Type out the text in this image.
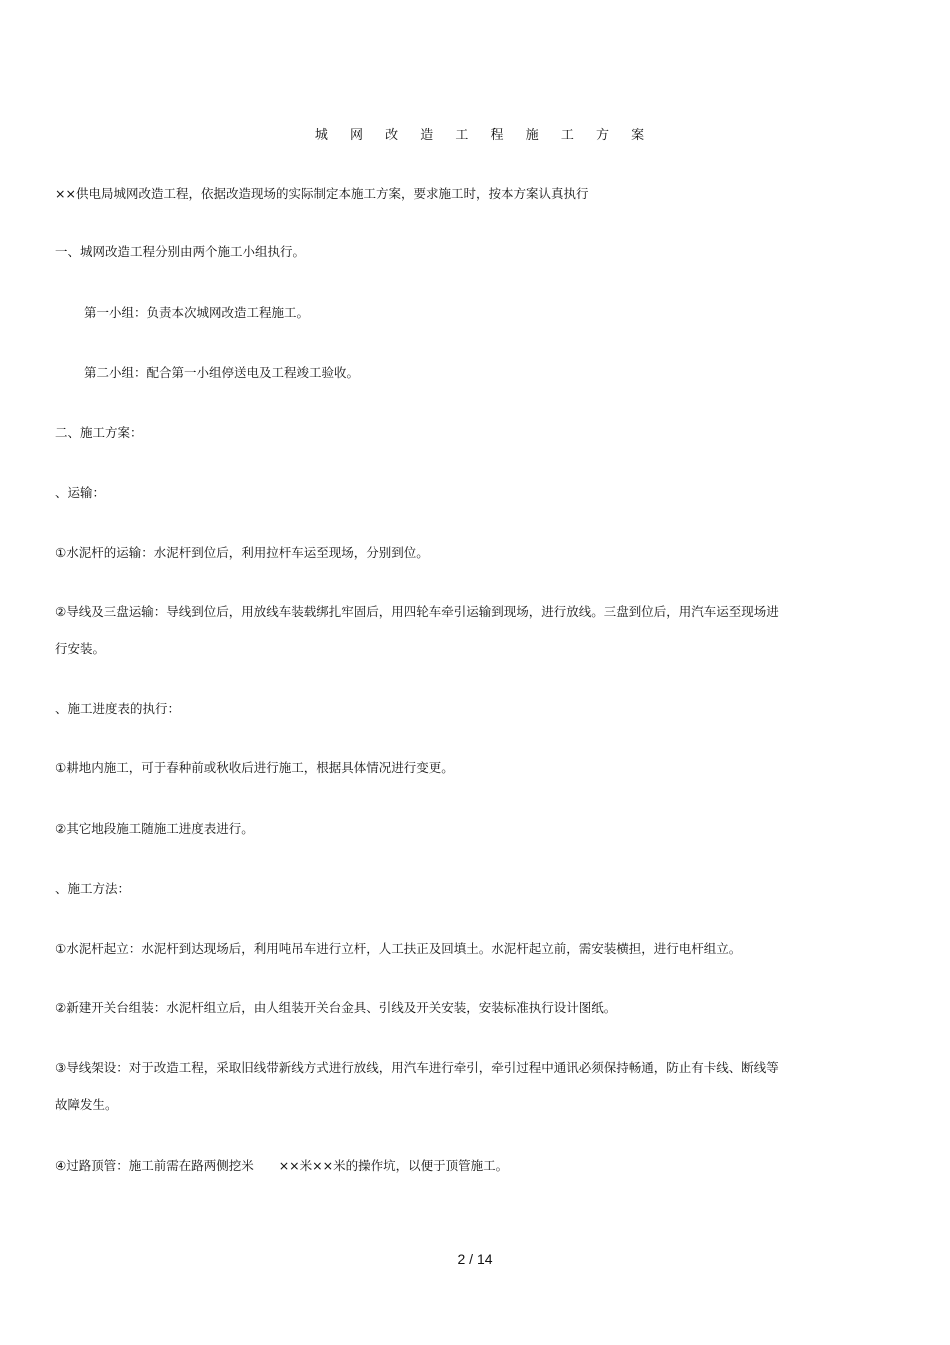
城 网 改 造 工 程 施 工 方 案
××供电局城网改造工程，依据改造现场的实际制定本施工方案，要求施工时，按本方案认真执行
一、城网改造工程分别由两个施工小组执行。
第一小组：负责本次城网改造工程施工。
第二小组：配合第一小组停送电及工程竣工验收。
二、施工方案：
、运输：
①水泥杆的运输：水泥杆到位后，利用拉杆车运至现场，分别到位。
②导线及三盘运输：导线到位后，用放线车装载绑扎牢固后，用四轮车牵引运输到现场，进行放线。三盘到位后，用汽车运至现场进
行安装。
、施工进度表的执行：
①耕地内施工，可于春种前或秋收后进行施工，根据具体情况进行变更。
②其它地段施工随施工进度表进行。
、施工方法：
①水泥杆起立：水泥杆到达现场后，利用吨吊车进行立杆，人工扶正及回填土。水泥杆起立前，需安装横担，进行电杆组立。
②新建开关台组装：水泥杆组立后，由人组装开关台金具、引线及开关安装，安装标准执行设计图纸。
③导线架设：对于改造工程，采取旧线带新线方式进行放线，用汽车进行牵引，牵引过程中通讯必须保持畅通，防止有卡线、断线等
故障发生。
④过路顶管：施工前需在路两侧挖米　　××米××米的操作坑，以便于顶管施工。
2 / 14
